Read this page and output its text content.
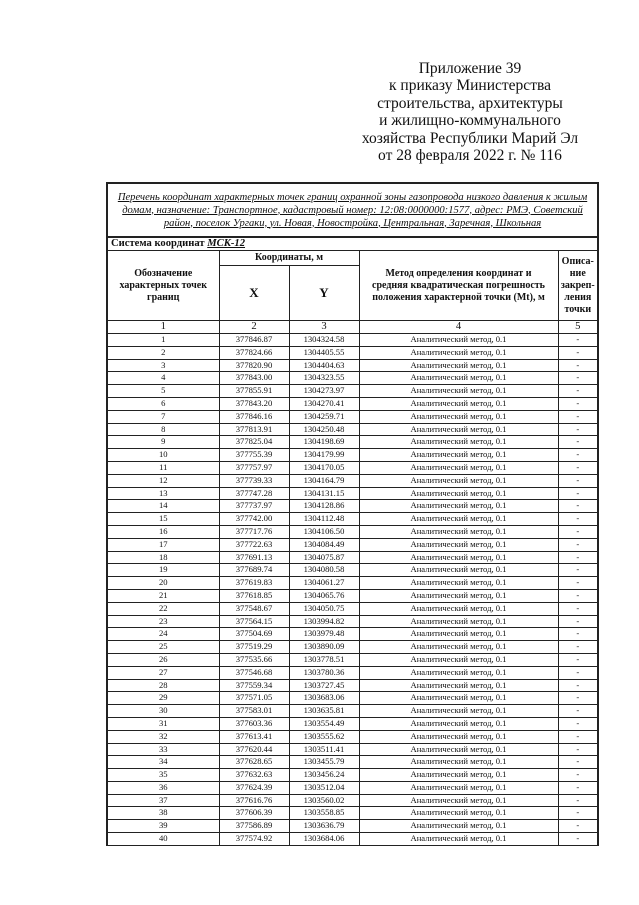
Приложение 39
к приказу Министерства
строительства, архитектуры
и жилищно-коммунального
хозяйства Республики Марий Эл
от 28 февраля 2022 г. № 116
Перечень координат характерных точек границ охранной зоны газопровода низкого давления к жилым домам, назначение: Транспортное, кадастровый номер: 12:08:0000000:1577, адрес: РМЭ, Советский район, поселок Ургаки, ул. Новая, Новостройка, Центральная, Заречная, Школьная				
Система координат МСК-12				
Обозначение характерных точек границ	Координаты, м		Метод определения координат и средняя квадратическая погрешность положения характерной точки (Mt), м	Описа-ние закреп-ления точки
	X	Y		
1	2	3	4	5
1	377846.87	1304324.58	Аналитический метод, 0.1	-
2	377824.66	1304405.55	Аналитический метод, 0.1	-
3	377820.90	1304404.63	Аналитический метод, 0.1	-
4	377843.00	1304323.55	Аналитический метод, 0.1	-
5	377855.91	1304273.97	Аналитический метод, 0.1	-
6	377843.20	1304270.41	Аналитический метод, 0.1	-
7	377846.16	1304259.71	Аналитический метод, 0.1	-
8	377813.91	1304250.48	Аналитический метод, 0.1	-
9	377825.04	1304198.69	Аналитический метод, 0.1	-
10	377755.39	1304179.99	Аналитический метод, 0.1	-
11	377757.97	1304170.05	Аналитический метод, 0.1	-
12	377739.33	1304164.79	Аналитический метод, 0.1	-
13	377747.28	1304131.15	Аналитический метод, 0.1	-
14	377737.97	1304128.86	Аналитический метод, 0.1	-
15	377742.00	1304112.48	Аналитический метод, 0.1	-
16	377717.76	1304106.50	Аналитический метод, 0.1	-
17	377722.63	1304084.49	Аналитический метод, 0.1	-
18	377691.13	1304075.87	Аналитический метод, 0.1	-
19	377689.74	1304080.58	Аналитический метод, 0.1	-
20	377619.83	1304061.27	Аналитический метод, 0.1	-
21	377618.85	1304065.76	Аналитический метод, 0.1	-
22	377548.67	1304050.75	Аналитический метод, 0.1	-
23	377564.15	1303994.82	Аналитический метод, 0.1	-
24	377504.69	1303979.48	Аналитический метод, 0.1	-
25	377519.29	1303890.09	Аналитический метод, 0.1	-
26	377535.66	1303778.51	Аналитический метод, 0.1	-
27	377546.68	1303780.36	Аналитический метод, 0.1	-
28	377559.34	1303727.45	Аналитический метод, 0.1	-
29	377571.05	1303683.06	Аналитический метод, 0.1	-
30	377583.01	1303635.81	Аналитический метод, 0.1	-
31	377603.36	1303554.49	Аналитический метод, 0.1	-
32	377613.41	1303555.62	Аналитический метод, 0.1	-
33	377620.44	1303511.41	Аналитический метод, 0.1	-
34	377628.65	1303455.79	Аналитический метод, 0.1	-
35	377632.63	1303456.24	Аналитический метод, 0.1	-
36	377624.39	1303512.04	Аналитический метод, 0.1	-
37	377616.76	1303560.02	Аналитический метод, 0.1	-
38	377606.39	1303558.85	Аналитический метод, 0.1	-
39	377586.89	1303636.79	Аналитический метод, 0.1	-
40	377574.92	1303684.06	Аналитический метод, 0.1	-
